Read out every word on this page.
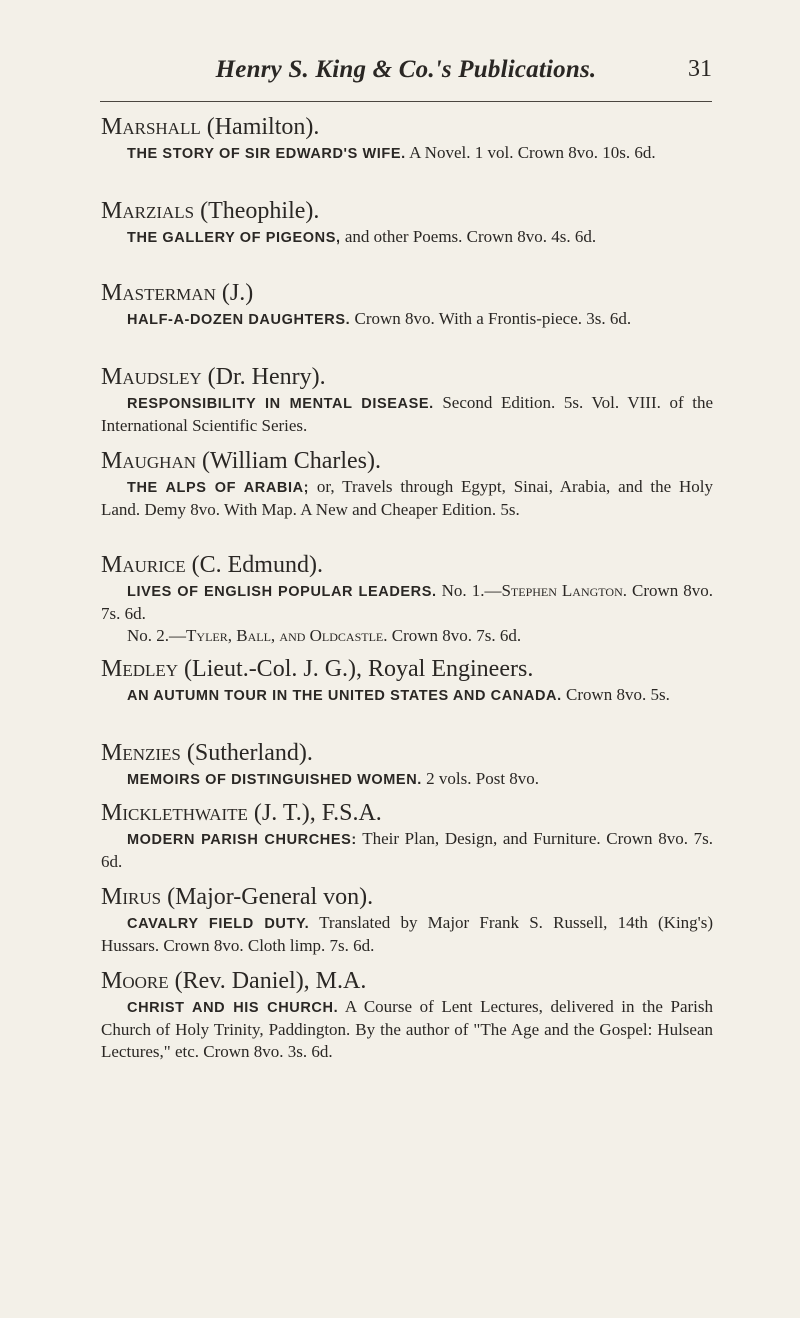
Henry S. King & Co.'s Publications.	31
Marshall (Hamilton).

THE STORY OF SIR EDWARD'S WIFE. A Novel. 1 vol. Crown 8vo. 10s. 6d.

Marzials (Theophile).

THE GALLERY OF PIGEONS, and other Poems. Crown 8vo. 4s. 6d.

Masterman (J.)

HALF-A-DOZEN DAUGHTERS. Crown 8vo. With a Frontis-piece. 3s. 6d.

Maudsley (Dr. Henry).

RESPONSIBILITY IN MENTAL DISEASE. Second Edition. 5s. Vol. VIII. of the International Scientific Series.

Maughan (William Charles).

THE ALPS OF ARABIA; or, Travels through Egypt, Sinai, Arabia, and the Holy Land. Demy 8vo. With Map. A New and Cheaper Edition. 5s.

Maurice (C. Edmund).

LIVES OF ENGLISH POPULAR LEADERS. No. 1.—Stephen Langton. Crown 8vo. 7s. 6d.

No. 2.—Tyler, Ball, and Oldcastle. Crown 8vo. 7s. 6d.

Medley (Lieut.-Col. J. G.), Royal Engineers.

AN AUTUMN TOUR IN THE UNITED STATES AND CANADA. Crown 8vo. 5s.

Menzies (Sutherland).

MEMOIRS OF DISTINGUISHED WOMEN. 2 vols. Post 8vo.

Micklethwaite (J. T.), F.S.A.

MODERN PARISH CHURCHES: Their Plan, Design, and Furniture. Crown 8vo. 7s. 6d.

Mirus (Major-General von).

CAVALRY FIELD DUTY. Translated by Major Frank S. Russell, 14th (King's) Hussars. Crown 8vo. Cloth limp. 7s. 6d.

Moore (Rev. Daniel), M.A.

CHRIST AND HIS CHURCH. A Course of Lent Lectures, delivered in the Parish Church of Holy Trinity, Paddington. By the author of "The Age and the Gospel: Hulsean Lectures," etc. Crown 8vo. 3s. 6d.
